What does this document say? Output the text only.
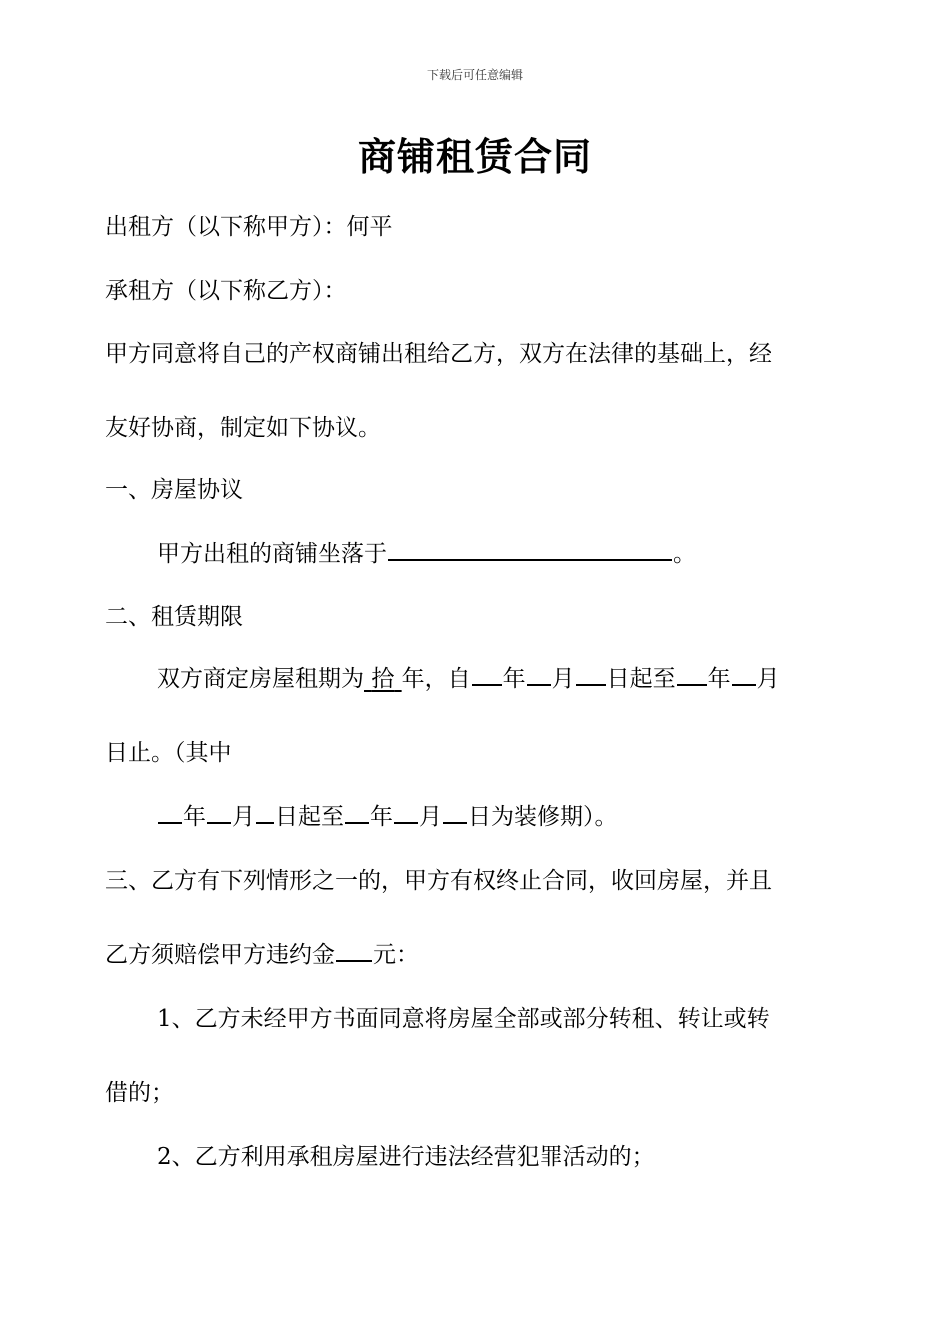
下载后可任意编辑
商铺租赁合同
出租方（以下称甲方）：何平
承租方（以下称乙方）：
甲方同意将自己的产权商铺出租给乙方，双方在法律的基础上，经
友好协商，制定如下协议。
一、房屋协议
甲方出租的商铺坐落于	。
二、租赁期限
双方商定房屋租期为 拾 年，自 年 月 日起至 年 月
日止。（其中
年 月 日起至 年 月 日为装修期）。
三、乙方有下列情形之一的，甲方有权终止合同，收回房屋，并且
乙方须赔偿甲方违约金 元：
1、乙方未经甲方书面同意将房屋全部或部分转租、转让或转
借的；
2、乙方利用承租房屋进行违法经营犯罪活动的；
